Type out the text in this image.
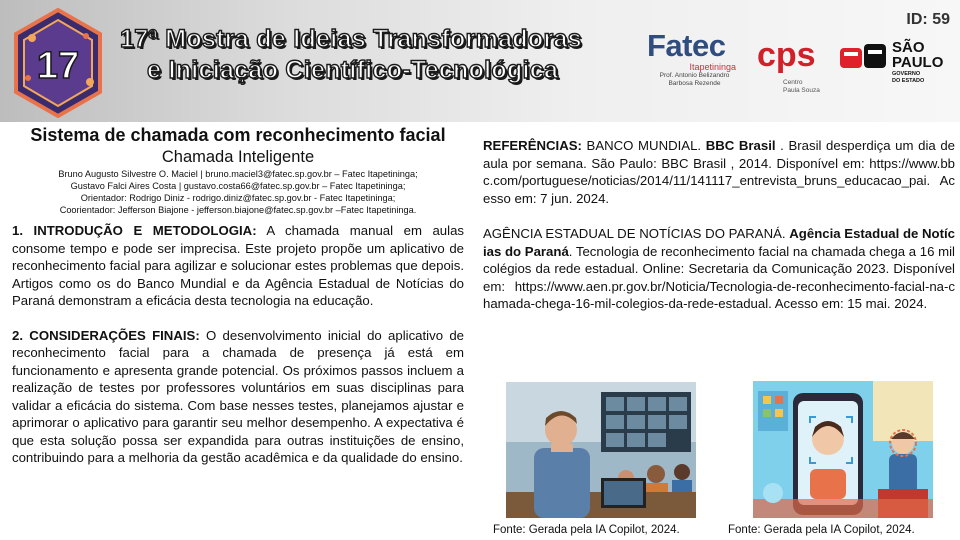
17
17ª Mostra de Ideias Transformadoras
e Iniciação Científico-Tecnológica
ID: 59
Fatec
Itapetininga
Prof. Antonio Belizandro
Barbosa Rezende
cps
Centro
Paula Souza
SÃO
PAULO
GOVERNO
DO ESTADO
Sistema de chamada com reconhecimento facial
Chamada Inteligente
Bruno Augusto Silvestre O. Maciel | bruno.maciel3@fatec.sp.gov.br – Fatec Itapetininga;
Gustavo Falci Aires Costa | gustavo.costa66@fatec.sp.gov.br – Fatec Itapetininga;
Orientador: Rodrigo Diniz - rodrigo.diniz@fatec.sp.gov.br - Fatec Itapetininga;
Coorientador: Jefferson Biajone - jefferson.biajone@fatec.sp.gov.br –Fatec Itapetininga.

1. INTRODUÇÃO E METODOLOGIA: A chamada manual em aulas consome tempo e pode ser imprecisa. Este projeto propõe um aplicativo de reconhecimento facial para agilizar e solucionar estes problemas que depois. Artigos como os do Banco Mundial e da Agência Estadual de Notícias do Paraná demonstram a eficácia desta tecnologia na educação.

2. CONSIDERAÇÕES FINAIS: O desenvolvimento inicial do aplicativo de reconhecimento facial para a chamada de presença já está em funcionamento e apresenta grande potencial. Os próximos passos incluem a realização de testes por professores voluntários em suas disciplinas para validar a eficácia do sistema. Com base nesses testes, planejamos ajustar e aprimorar o aplicativo para garantir seu melhor desempenho. A expectativa é que esta solução possa ser expandida para outras instituições de ensino, contribuindo para a melhoria da gestão acadêmica e da qualidade do ensino.

REFERÊNCIAS: BANCO MUNDIAL. BBC Brasil . Brasil desperdiça um dia de aula por semana. São Paulo: BBC Brasil , 2014. Disponível em: https://www.bbc.com/portuguese/noticias/2014/11/141117_entrevista_bruns_educacao_pai. Acesso em: 7 jun. 2024.

AGÊNCIA ESTADUAL DE NOTÍCIAS DO PARANÁ. Agência Estadual de Notícias do Paraná. Tecnologia de reconhecimento facial na chamada chega a 16 mil colégios da rede estadual. Online: Secretaria da Comunicação 2023. Disponível em: https://www.aen.pr.gov.br/Noticia/Tecnologia-de-reconhecimento-facial-na-chamada-chega-16-mil-colegios-da-rede-estadual. Acesso em: 15 mai. 2024.

Fonte: Gerada pela IA Copilot, 2024.	Fonte: Gerada pela IA Copilot, 2024.
